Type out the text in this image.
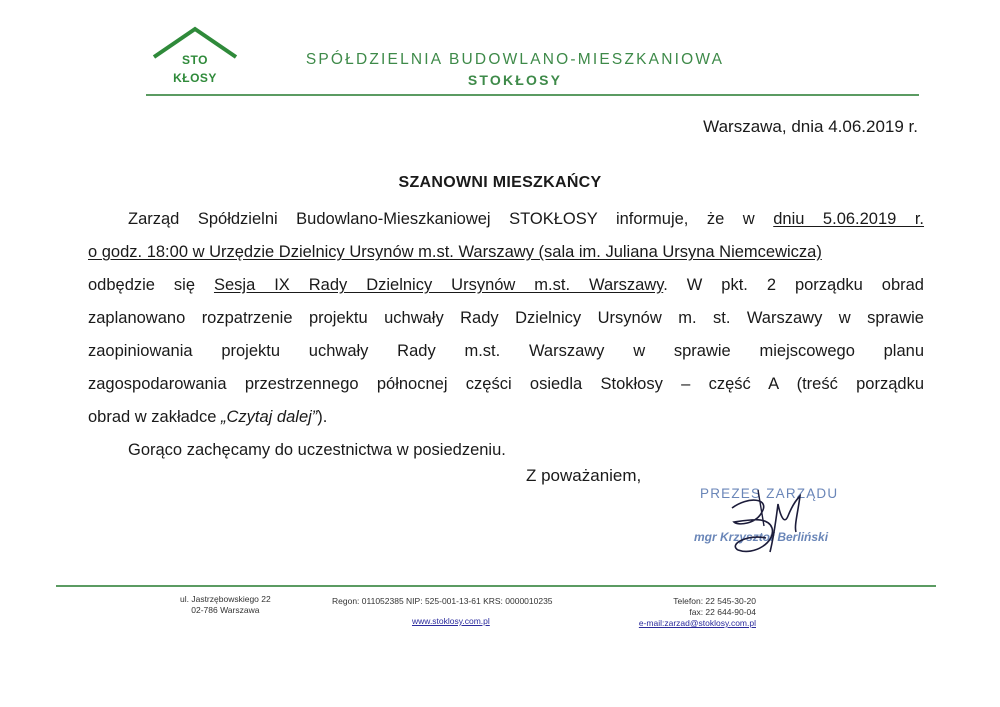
STO
KŁOSY
SPÓŁDZIELNIA BUDOWLANO-MIESZKANIOWA
STOKŁOSY
Warszawa, dnia 4.06.2019 r.
SZANOWNI MIESZKAŃCY
Zarząd Spółdzielni Budowlano-Mieszkaniowej STOKŁOSY informuje, że w dniu 5.06.2019 r.
o godz. 18:00 w Urzędzie Dzielnicy Ursynów m.st. Warszawy (sala im. Juliana Ursyna Niemcewicza)
odbędzie się Sesja IX Rady Dzielnicy Ursynów m.st. Warszawy. W pkt. 2 porządku obrad
zaplanowano rozpatrzenie projektu uchwały Rady Dzielnicy Ursynów m. st. Warszawy w sprawie
zaopiniowania projektu uchwały Rady m.st. Warszawy w sprawie miejscowego planu
zagospodarowania przestrzennego północnej części osiedla Stokłosy – część A (treść porządku
obrad w zakładce „Czytaj dalej”).
Gorąco zachęcamy do uczestnictwa w posiedzeniu.
Z poważaniem,
PREZES ZARZĄDU
mgr Krzysztof Berliński
ul. Jastrzębowskiego 22
02-786 Warszawa
Regon: 011052385 NIP: 525-001-13-61 KRS: 0000010235
www.stoklosy.com.pl
Telefon: 22 545-30-20
fax: 22 644-90-04
e-mail:zarzad@stoklosy.com.pl
